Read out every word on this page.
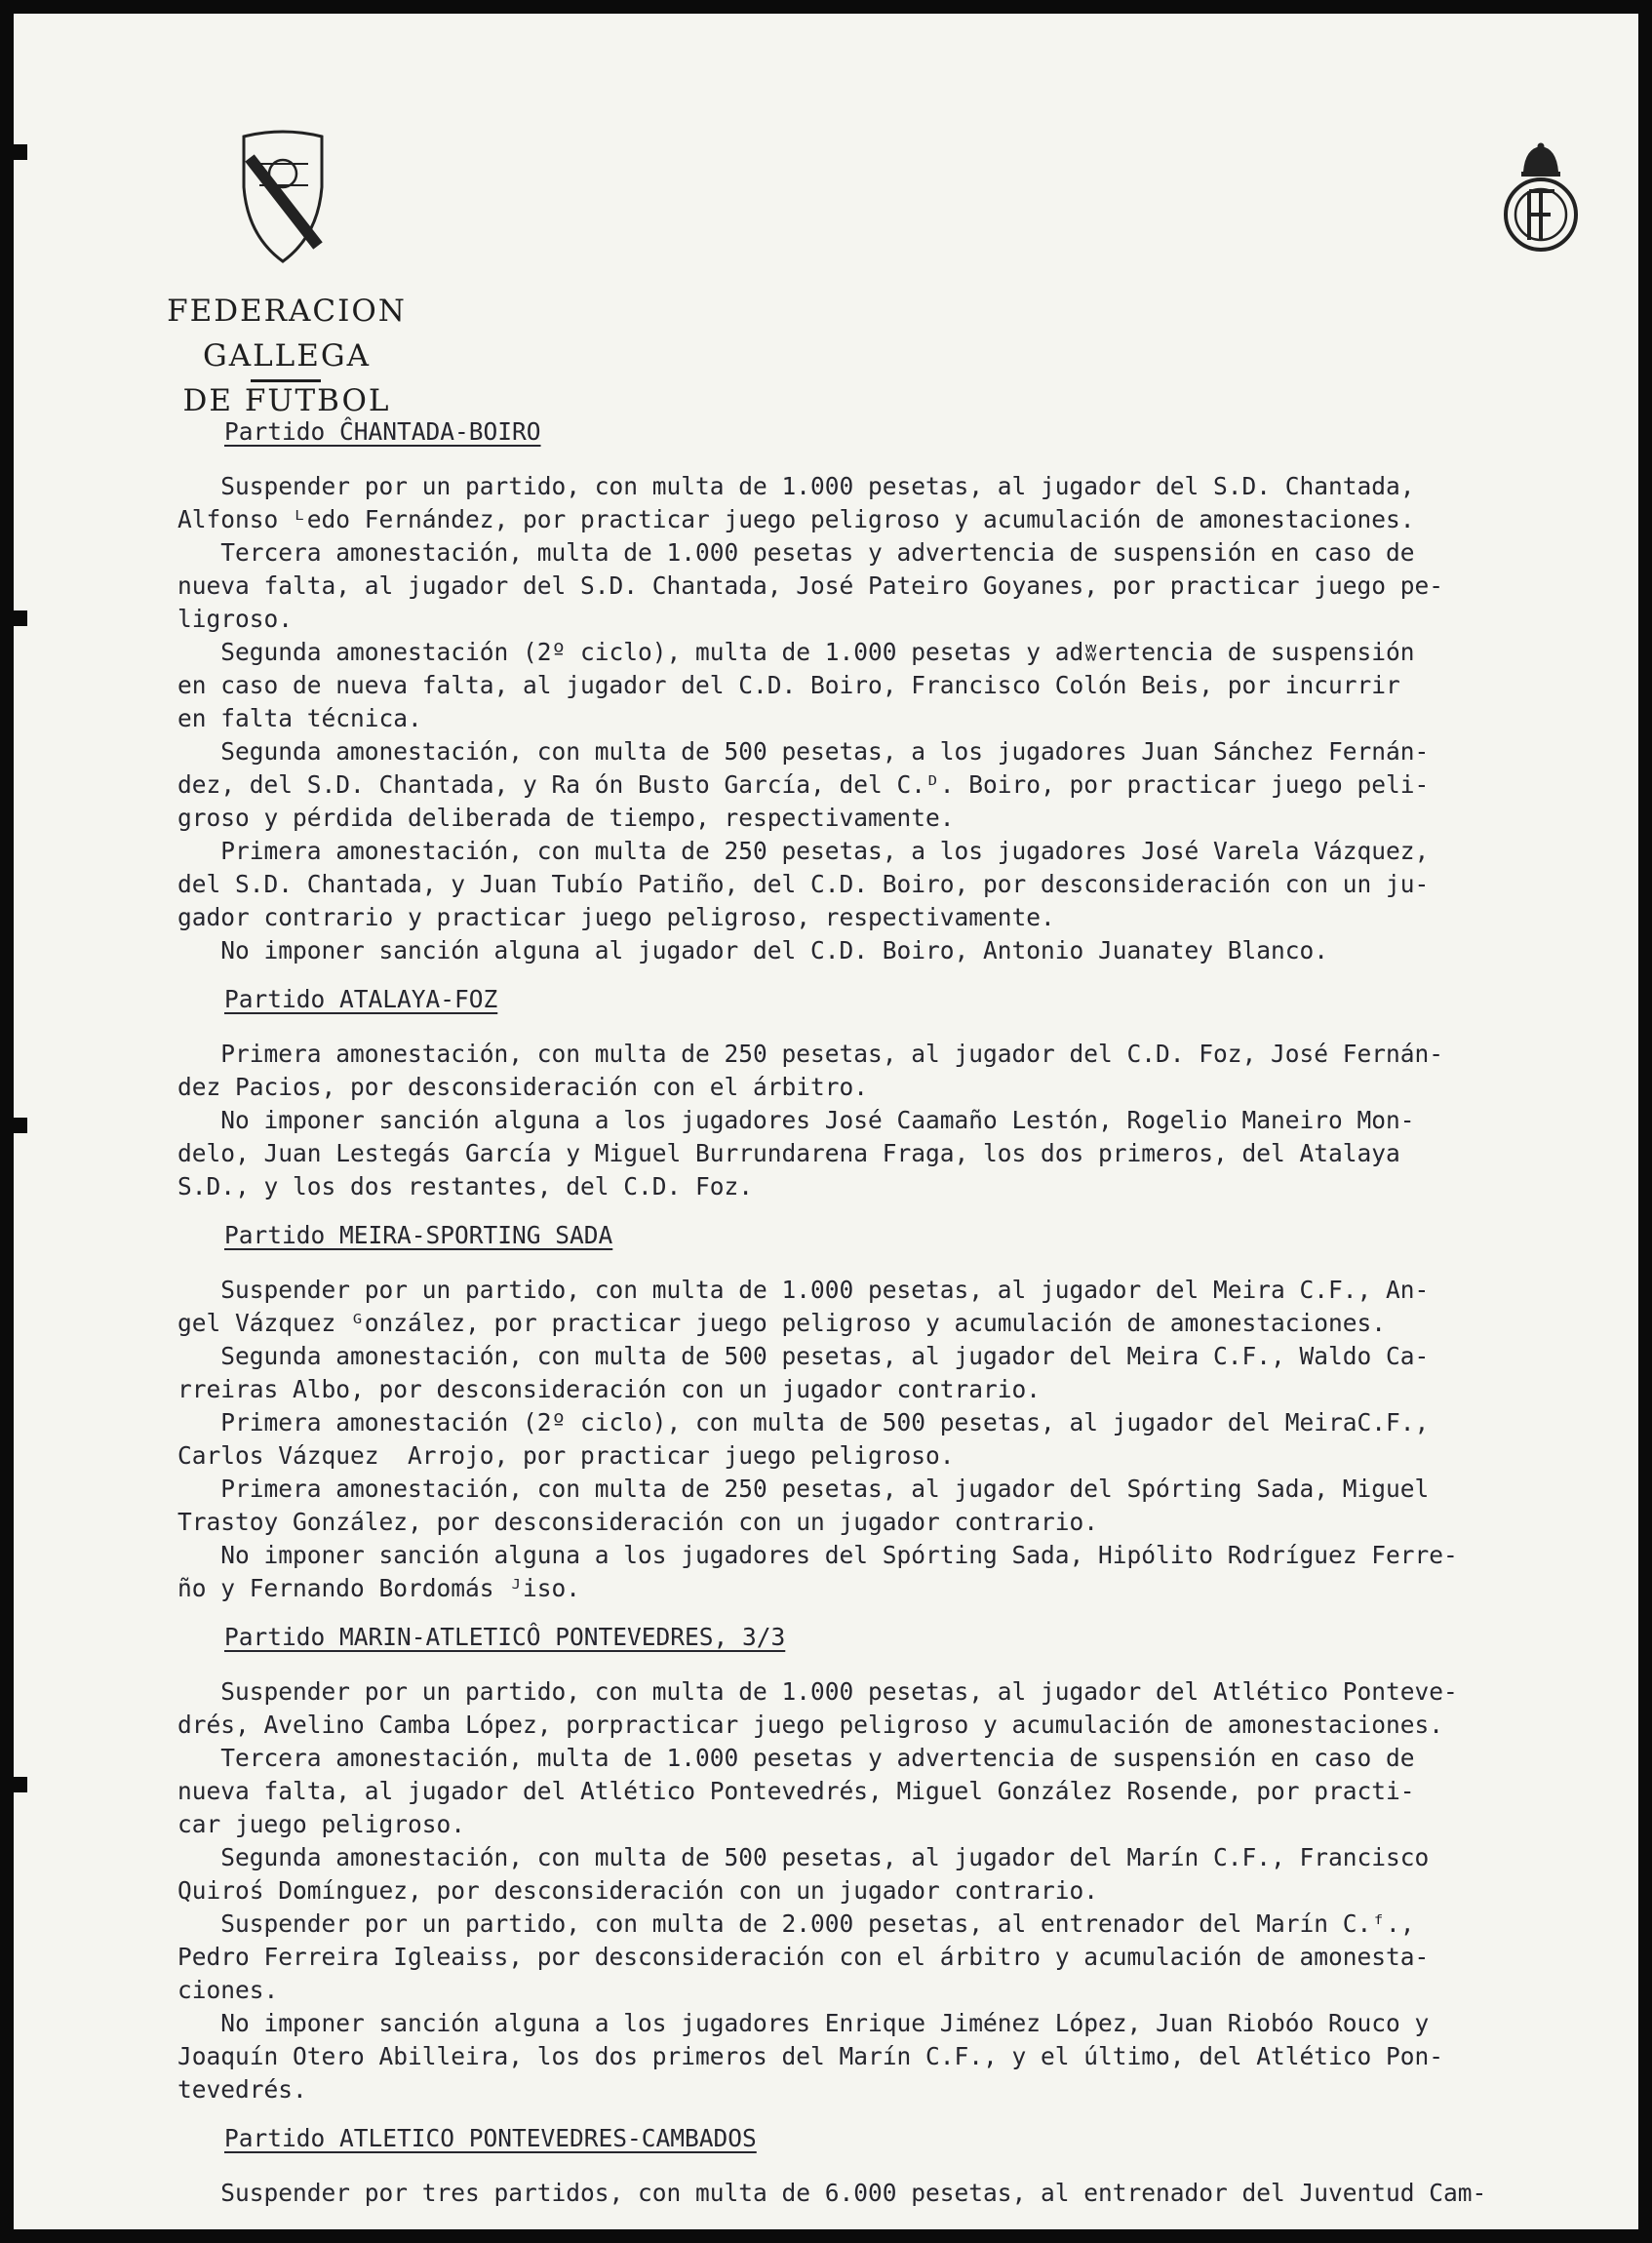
FEDERACION GALLEGA
DE FUTBOL
Partido ĈHANTADA-BOIRO
Suspender por un partido, con multa de 1.000 pesetas, al jugador del S.D. Chantada,
Alfonso ᴸedo Fernández, por practicar juego peligroso y acumulación de amonestaciones.
Tercera amonestación, multa de 1.000 pesetas y advertencia de suspensión en caso de
nueva falta, al jugador del S.D. Chantada, José Pateiro Goyanes, por practicar juego pe-
ligroso.
Segunda amonestación (2º ciclo), multa de 1.000 pesetas y adʬertencia de suspensión
en caso de nueva falta, al jugador del C.D. Boiro, Francisco Colón Beis, por incurrir
en falta técnica.
Segunda amonestación, con multa de 500 pesetas, a los jugadores Juan Sánchez Fernán-
dez, del S.D. Chantada, y Ra ón Busto García, del C.ᴰ. Boiro, por practicar juego peli-
groso y pérdida deliberada de tiempo, respectivamente.
Primera amonestación, con multa de 250 pesetas, a los jugadores José Varela Vázquez,
del S.D. Chantada, y Juan Tubío Patiño, del C.D. Boiro, por desconsideración con un ju-
gador contrario y practicar juego peligroso, respectivamente.
No imponer sanción alguna al jugador del C.D. Boiro, Antonio Juanatey Blanco.
Partido ATALAYA-FOZ
Primera amonestación, con multa de 250 pesetas, al jugador del C.D. Foz, José Fernán-
dez Pacios, por desconsideración con el árbitro.
No imponer sanción alguna a los jugadores José Caamaño Lestón, Rogelio Maneiro Mon-
delo, Juan Lestegás García y Miguel Burrundarena Fraga, los dos primeros, del Atalaya
S.D., y los dos restantes, del C.D. Foz.
Partido MEIRA-SPORTING SADA
Suspender por un partido, con multa de 1.000 pesetas, al jugador del Meira C.F., An-
gel Vázquez ᴳonzález, por practicar juego peligroso y acumulación de amonestaciones.
Segunda amonestación, con multa de 500 pesetas, al jugador del Meira C.F., Waldo Ca-
rreiras Albo, por desconsideración con un jugador contrario.
Primera amonestación (2º ciclo), con multa de 500 pesetas, al jugador del MeiraC.F.,
Carlos Vázquez  Arrojo, por practicar juego peligroso.
Primera amonestación, con multa de 250 pesetas, al jugador del Spórting Sada, Miguel
Trastoy González, por desconsideración con un jugador contrario.
No imponer sanción alguna a los jugadores del Spórting Sada, Hipólito Rodríguez Ferre-
ño y Fernando Bordomás ᴶiso.
Partido MARIN-ATLETICÔ PONTEVEDRES, 3/3
Suspender por un partido, con multa de 1.000 pesetas, al jugador del Atlético Ponteve-
drés, Avelino Camba López, porpracticar juego peligroso y acumulación de amonestaciones.
Tercera amonestación, multa de 1.000 pesetas y advertencia de suspensión en caso de
nueva falta, al jugador del Atlético Pontevedrés, Miguel González Rosende, por practi-
car juego peligroso.
Segunda amonestación, con multa de 500 pesetas, al jugador del Marín C.F., Francisco
Quiroś Domínguez, por desconsideración con un jugador contrario.
Suspender por un partido, con multa de 2.000 pesetas, al entrenador del Marín C.ᶠ.,
Pedro Ferreira Igleaiss, por desconsideración con el árbitro y acumulación de amonesta-
ciones.
No imponer sanción alguna a los jugadores Enrique Jiménez López, Juan Riobóo Rouco y
Joaquín Otero Abilleira, los dos primeros del Marín C.F., y el último, del Atlético Pon-
tevedrés.
Partido ATLETICO PONTEVEDRES-CAMBADOS
Suspender por tres partidos, con multa de 6.000 pesetas, al entrenador del Juventud Cam-
